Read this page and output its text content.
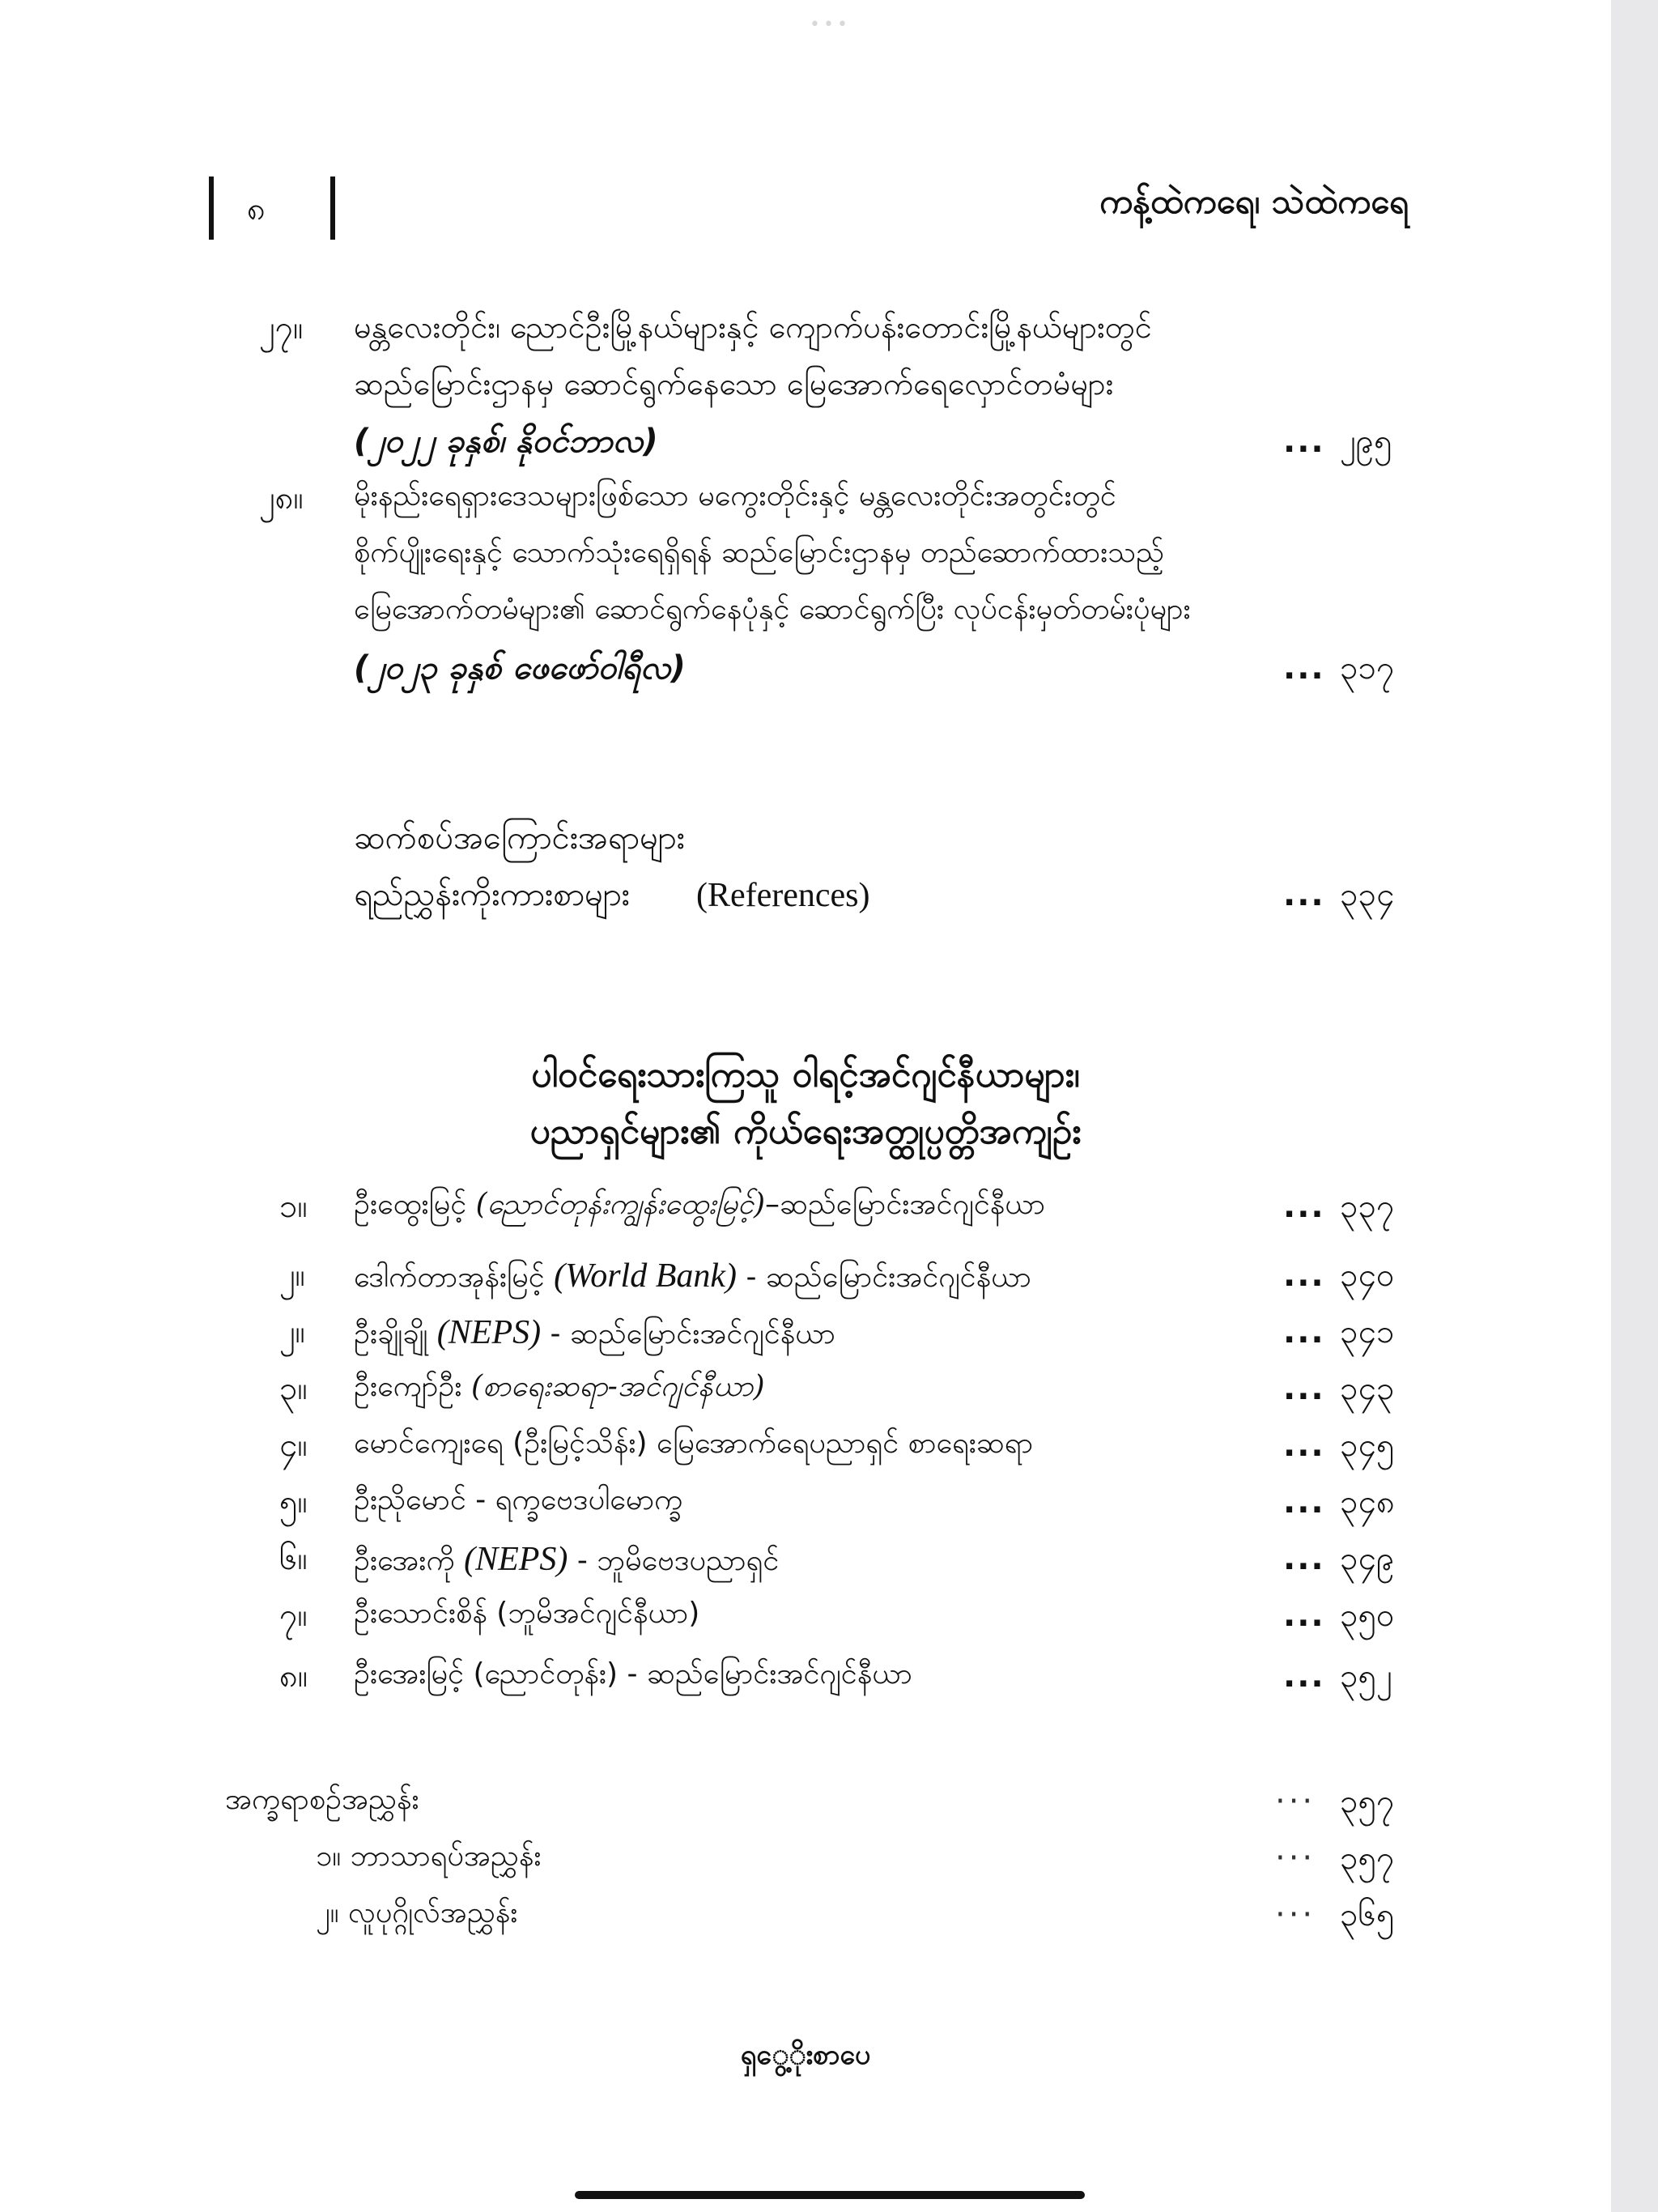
•••
၈	ကန့်ထဲကရေ၊ သဲထဲကရေ
၂၇။ မန္တလေးတိုင်း၊ ညောင်ဦးမြို့နယ်များနှင့် ကျောက်ပန်းတောင်းမြို့နယ်များတွင်
ဆည်မြောင်းဌာနမှ ဆောင်ရွက်နေသော မြေအောက်ရေလှောင်တမံများ
(၂၀၂၂ ခုနှစ်၊ နိုဝင်ဘာလ)	... ၂၉၅
၂၈။ မိုးနည်းရေရှားဒေသများဖြစ်သော မကွေးတိုင်းနှင့် မန္တလေးတိုင်းအတွင်းတွင်
စိုက်ပျိုးရေးနှင့် သောက်သုံးရေရှိရန် ဆည်မြောင်းဌာနမှ တည်ဆောက်ထားသည့်
မြေအောက်တမံများ၏ ဆောင်ရွက်နေပုံနှင့် ဆောင်ရွက်ပြီး လုပ်ငန်းမှတ်တမ်းပုံများ
(၂၀၂၃ ခုနှစ် ဖေဖော်ဝါရီလ)	... ၃၁၇
ဆက်စပ်အကြောင်းအရာများ
ရည်ညွှန်းကိုးကားစာများ (References)	... ၃၃၄
ပါဝင်ရေးသားကြသူ ဝါရင့်အင်ဂျင်နီယာများ၊
ပညာရှင်များ၏ ကိုယ်ရေးအတ္ထုပ္ပတ္တိအကျဉ်း
၁။ ဦးထွေးမြင့် (ညောင်တုန်းကျွန်းထွေးမြင့်)–ဆည်မြောင်းအင်ဂျင်နီယာ	... ၃၃၇
၂။ ဒေါက်တာအုန်းမြင့် (World Bank) - ဆည်မြောင်းအင်ဂျင်နီယာ	... ၃၄၀
၂။ ဦးချိုချို (NEPS) - ဆည်မြောင်းအင်ဂျင်နီယာ	... ၃၄၁
၃။ ဦးကျော်ဦး (စာရေးဆရာ-အင်ဂျင်နီယာ)	... ၃၄၃
၄။ မောင်ကျေးရေ (ဦးမြင့်သိန်း) မြေအောက်ရေပညာရှင် စာရေးဆရာ	... ၃၄၅
၅။ ဦးညိုမောင် - ရက္ခဗေဒပါမောက္ခ	... ၃၄၈
၆။ ဦးအေးကို (NEPS) - ဘူမိဗေဒပညာရှင်	... ၃၄၉
၇။ ဦးသောင်းစိန် (ဘူမိအင်ဂျင်နီယာ)	... ၃၅၀
၈။ ဦးအေးမြင့် (ညောင်တုန်း) - ဆည်မြောင်းအင်ဂျင်နီယာ	... ၃၅၂
အက္ခရာစဉ်အညွှန်း	··· ၃၅၇
၁။ ဘာသာရပ်အညွှန်း	··· ၃၅၇
၂။ လူပုဂ္ဂိုလ်အညွှန်း	··· ၃၆၅
ရှွေ့ိုးစာပေ
